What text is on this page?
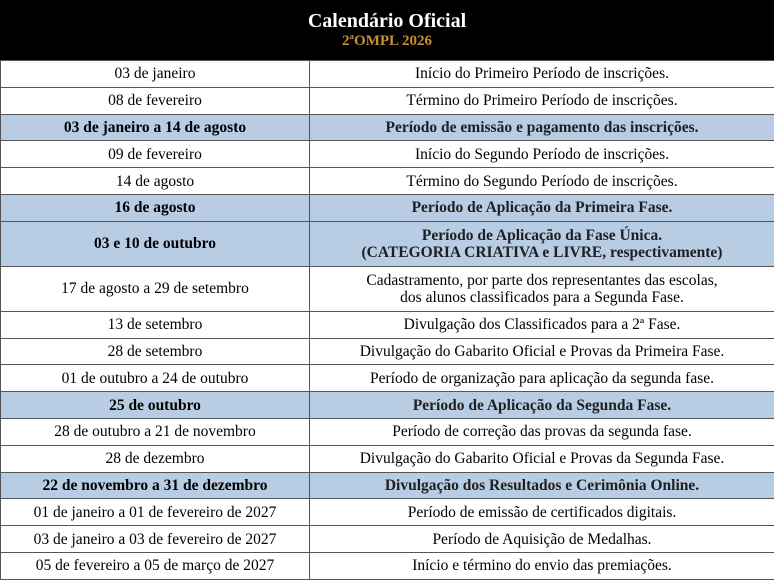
Calendário Oficial
2ªOMPL 2026
03 de janeiro	Início do Primeiro Período de inscrições.

08 de fevereiro	Término do Primeiro Período de inscrições.

03 de janeiro a 14 de agosto	Período de emissão e pagamento das inscrições.

09 de fevereiro	Início do Segundo Período de inscrições.

14 de agosto	Término do Segundo Período de inscrições.

16 de agosto	Período de Aplicação da Primeira Fase.

03 e 10 de outubro	Período de Aplicação da Fase Única.
(CATEGORIA CRIATIVA e LIVRE, respectivamente)

17 de agosto a 29 de setembro	Cadastramento, por parte dos representantes das escolas,
dos alunos classificados para a Segunda Fase.

13 de setembro	Divulgação dos Classificados para a 2ª Fase.

28 de setembro	Divulgação do Gabarito Oficial e Provas da Primeira Fase.

01 de outubro a 24 de outubro	Período de organização para aplicação da segunda fase.

25 de outubro	Período de Aplicação da Segunda Fase.

28 de outubro a 21 de novembro	Período de correção das provas da segunda fase.

28 de dezembro	Divulgação do Gabarito Oficial e Provas da Segunda Fase.

22 de novembro a 31 de dezembro	Divulgação dos Resultados e Cerimônia Online.

01 de janeiro a 01 de fevereiro de 2027	Período de emissão de certificados digitais.

03 de janeiro a 03 de fevereiro de 2027	Período de Aquisição de Medalhas.

05 de fevereiro a 05 de março de 2027	Início e término do envio das premiações.
